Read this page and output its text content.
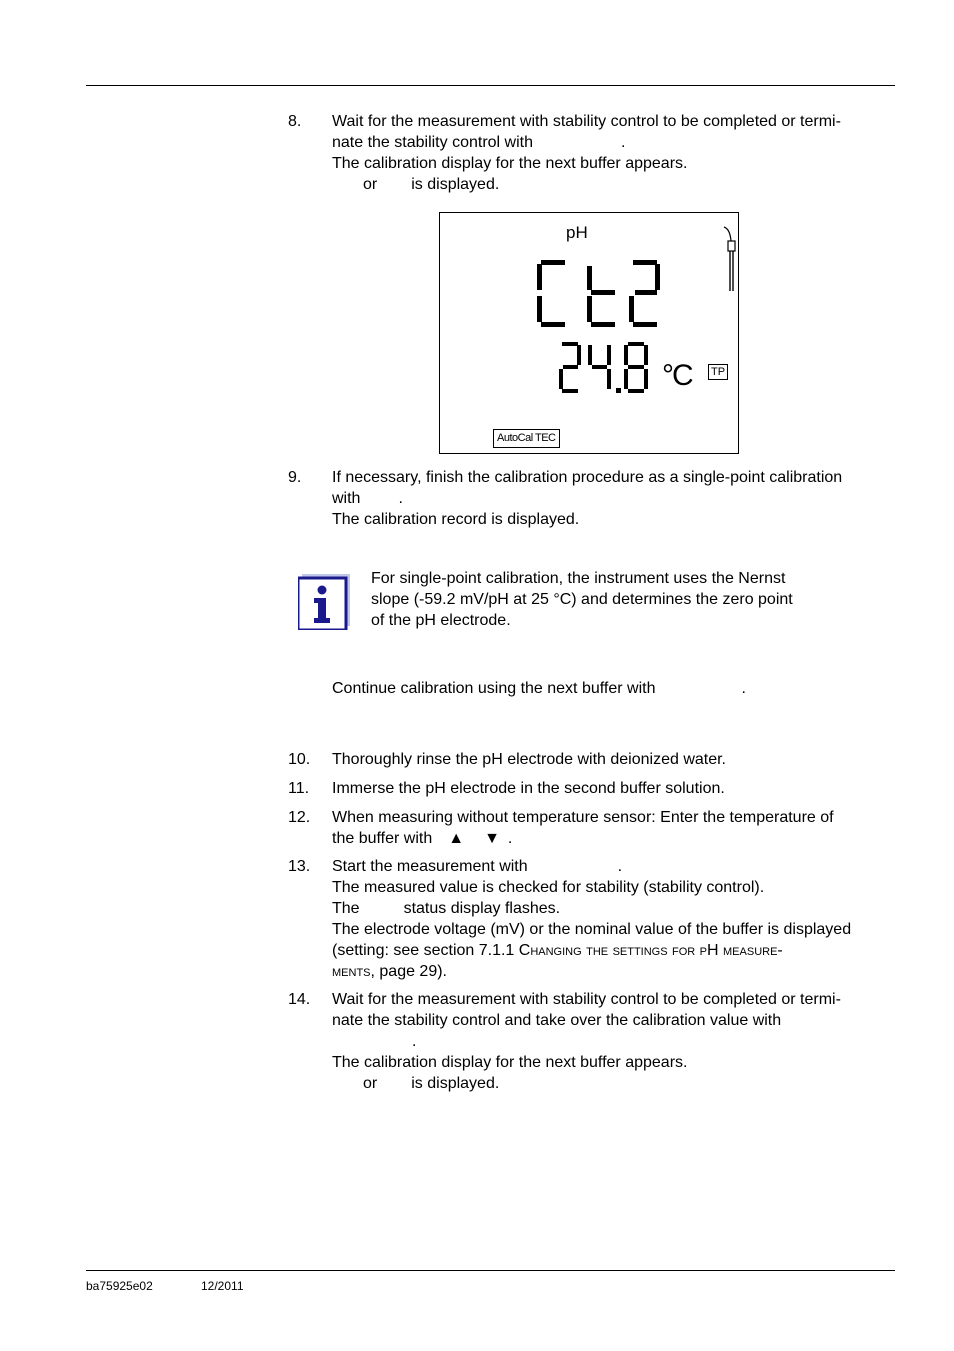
8. Wait for the measurement with stability control to be completed or termi-
nate the stability control with	.
The calibration display for the next buffer appears.
or is displayed.
pH
°C TP
AutoCal TEC
9. If necessary, finish the calibration procedure as a single-point calibration
with .
The calibration record is displayed.
For single-point calibration, the instrument uses the Nernst
slope (-59.2 mV/pH at 25 °C) and determines the zero point
of the pH electrode.
Continue calibration using the next buffer with	.
10. Thoroughly rinse the pH electrode with deionized water.
11. Immerse the pH electrode in the second buffer solution.
12. When measuring without temperature sensor: Enter the temperature of
the buffer with ▲ ▼ .
13. Start the measurement with	.
The measured value is checked for stability (stability control).
The	status display flashes.
The electrode voltage (mV) or the nominal value of the buffer is displayed
(setting: see section 7.1.1 Changing the settings for pH measure-
ments, page 29).
14. Wait for the measurement with stability control to be completed or termi-
nate the stability control and take over the calibration value with
.
The calibration display for the next buffer appears.
or is displayed.
ba75925e02	12/2011
